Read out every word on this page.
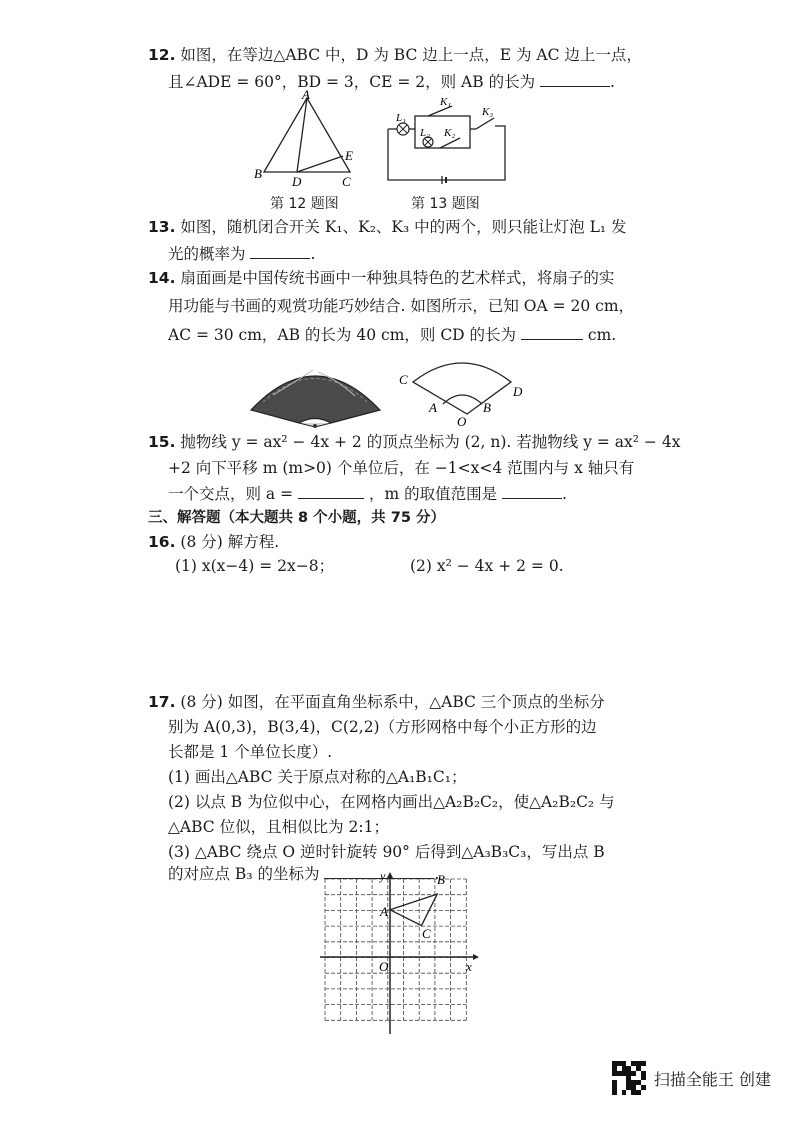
12. 如图，在等边△ABC 中，D 为 BC 边上一点，E 为 AC 边上一点，
且∠ADE = 60°，BD = 3，CE = 2，则 AB 的长为	.
A
B
D	C
E
第 12 题图
L₁
L₂
K₁
K₂
K₃
第 13 题图
13. 如图，随机闭合开关 K₁、K₂、K₃ 中的两个，则只能让灯泡 L₁ 发
光的概率为	.
14. 扇面画是中国传统书画中一种独具特色的艺术样式，将扇子的实
用功能与书画的观赏功能巧妙结合. 如图所示，已知 OA = 20 cm，
AC = 30 cm，AB 的长为 40 cm，则 CD 的长为	cm.
C
D
A	B
O
15. 抛物线 y = ax² − 4x + 2 的顶点坐标为 (2, n). 若抛物线 y = ax² − 4x
+2 向下平移 m (m>0) 个单位后，在 −1<x<4 范围内与 x 轴只有
一个交点，则 a =	，m 的取值范围是	.
三、解答题（本大题共 8 个小题，共 75 分）
16. (8 分) 解方程.
(1) x(x−4) = 2x−8；	(2) x² − 4x + 2 = 0.
17. (8 分) 如图，在平面直角坐标系中，△ABC 三个顶点的坐标分
别为 A(0,3)，B(3,4)，C(2,2)（方形网格中每个小正方形的边
长都是 1 个单位长度）.
(1) 画出△ABC 关于原点对称的△A₁B₁C₁；
(2) 以点 B 为位似中心，在网格内画出△A₂B₂C₂，使△A₂B₂C₂ 与
△ABC 位似，且相似比为 2:1；
(3) △ABC 绕点 O 逆时针旋转 90° 后得到△A₃B₃C₃，写出点 B
的对应点 B₃ 的坐标为	.
y
x
O
A
B
C
扫描全能王 创建
